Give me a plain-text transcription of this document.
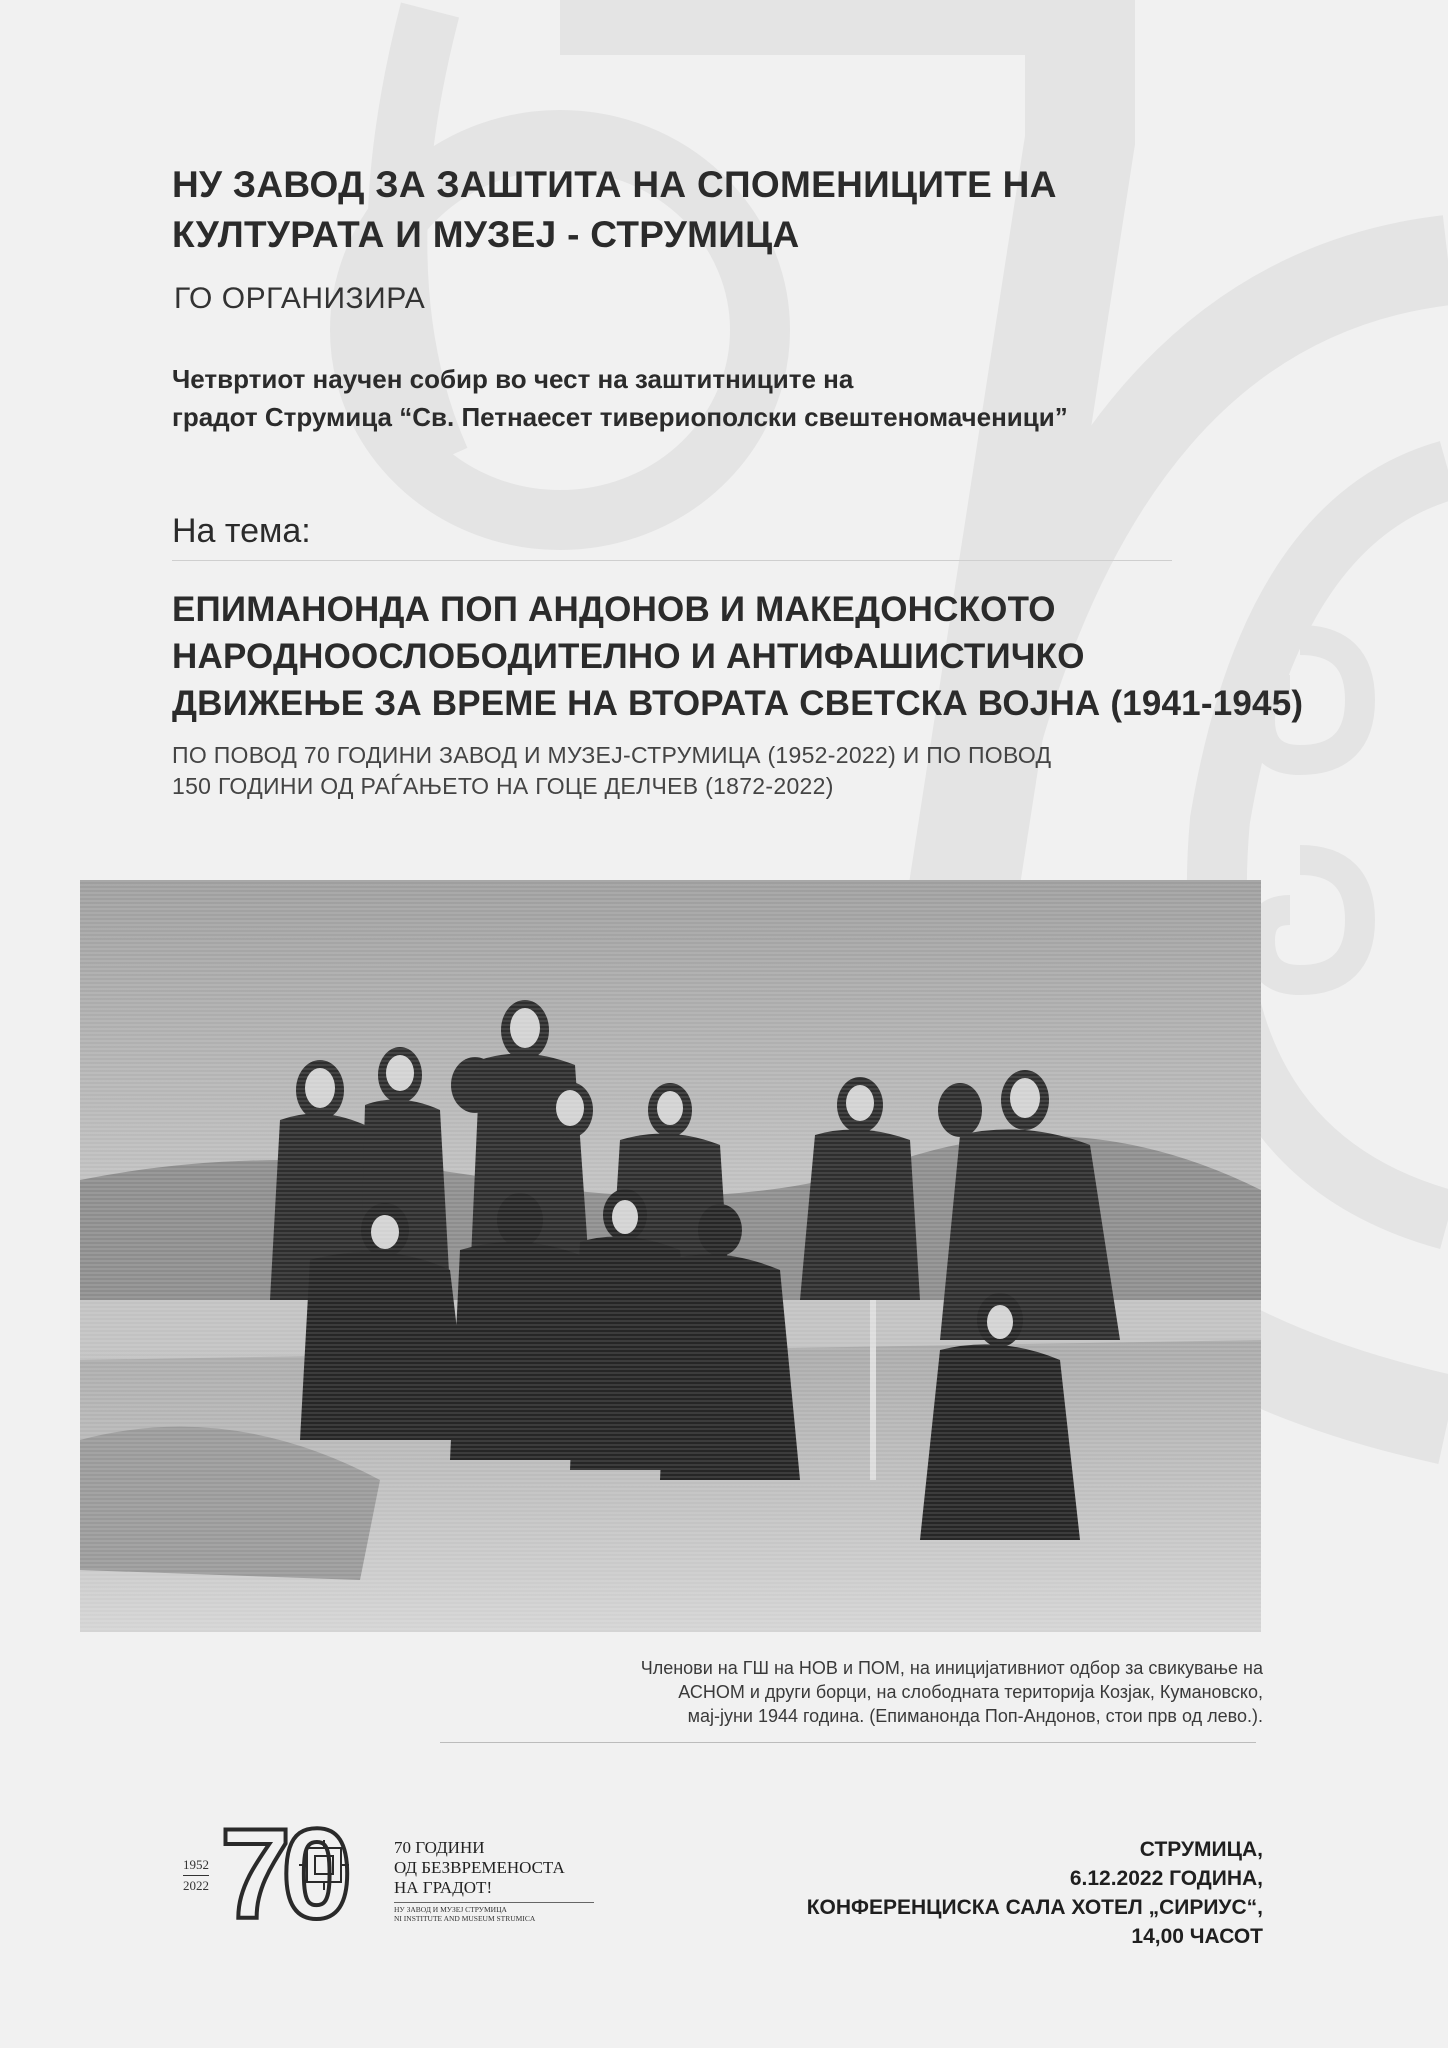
НУ ЗАВОД ЗА ЗАШТИТА НА СПОМЕНИЦИТЕ НА
КУЛТУРАТА И МУЗЕЈ - СТРУМИЦА
ГО ОРГАНИЗИРА
Четвртиот научен собир во чест на заштитниците на
градот Струмица “Св. Петнаесет тивериополски свештеномаченици”
На тема:
ЕПИМАНОНДА ПОП АНДОНОВ И МАКЕДОНСКОТО
НАРОДНООСЛОБОДИТЕЛНО И АНТИФАШИСТИЧКО
ДВИЖЕЊЕ ЗА ВРЕМЕ НА ВТОРАТА СВЕТСКА ВОЈНА (1941-1945)
ПО ПОВОД 70 ГОДИНИ ЗАВОД И МУЗЕЈ-СТРУМИЦА (1952-2022) И ПО ПОВОД
150 ГОДИНИ ОД РАЃАЊЕТО НА ГОЦЕ ДЕЛЧЕВ (1872-2022)
Членови на ГШ на НОВ и ПОМ, на иницијативниот одбор за свикување на
АСНОМ и други борци, на слободната територија Козјак, Кумановско,
мај-јуни 1944 година. (Епиманонда Поп-Андонов, стои прв од лево.).
1952
2022 70	70 ГОДИНИ
ОД БЕЗВРЕМЕНОСТА
НА ГРАДОТ!
НУ ЗАВОД И МУЗЕЈ СТРУМИЦА
NI INSTITUTE AND MUSEUM STRUMICA
СТРУМИЦА,
6.12.2022 ГОДИНА,
КОНФЕРЕНЦИСКА САЛА ХОТЕЛ „СИРИУС“,
14,00 ЧАСОТ
